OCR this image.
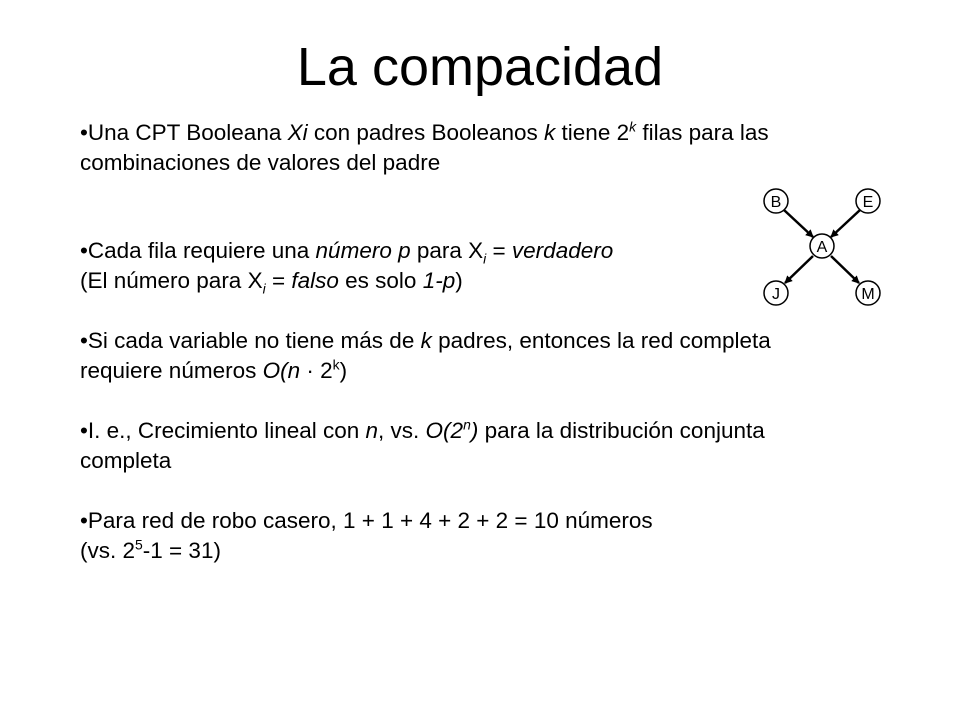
La compacidad

•Una CPT Booleana Xi con padres Booleanos k tiene 2$^k$ filas para las combinaciones de valores del padre

•Cada fila requiere una número p para $X_i$ = verdadero
(El número para $X_i$ = falso es solo 1-p)

•Si cada variable no tiene más de k padres, entonces la red completa requiere números $O(n \cdot 2^k)$

•I. e., Crecimiento lineal con n, vs. O(2$^n$) para la distribución conjunta completa

•Para red de robo casero, 1 + 1 + 4 + 2 + 2 = 10 números
(vs. $2^5-1 = 31$)

B	E
A
J	M
